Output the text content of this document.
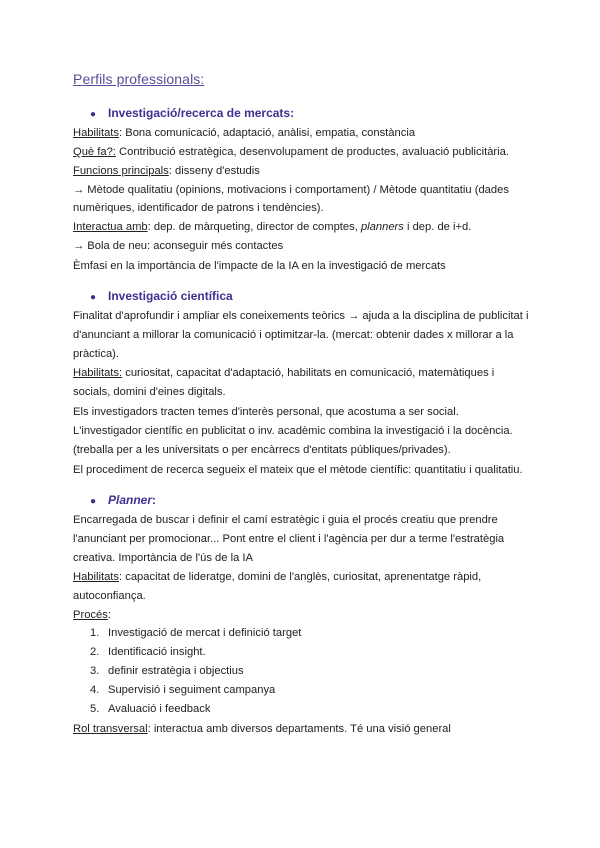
Perfils professionals:
● Investigació/recerca de mercats:
Habilitats: Bona comunicació, adaptació, anàlisi, empatia, constància
Què fa?: Contribució estratègica, desenvolupament de productes, avaluació publicitària.
Funcions principals: disseny d'estudis
→ Mètode qualitatiu (opinions, motivacions i comportament) / Mètode quantitatiu (dades
numèriques, identificador de patrons i tendències).
Interactua amb: dep. de màrqueting, director de comptes, planners i dep. de i+d.
→ Bola de neu: aconseguir més contactes
Èmfasi en la importància de l'impacte de la IA en la investigació de mercats
● Investigació científica
Finalitat d'aprofundir i ampliar els coneixements teòrics → ajuda a la disciplina de publicitat i
d'anunciant a millorar la comunicació i optimitzar-la. (mercat: obtenir dades x millorar a la
pràctica).
Habilitats: curiositat, capacitat d'adaptació, habilitats en comunicació, matemàtiques i
socials, domini d'eines digitals.
Els investigadors tracten temes d'interès personal, que acostuma a ser social.
L'investigador científic en publicitat o inv. acadèmic combina la investigació i la docència.
(treballa per a les universitats o per encàrrecs d'entitats públiques/privades).
El procediment de recerca segueix el mateix que el mètode científic: quantitatiu i qualitatiu.
● Planner:
Encarregada de buscar i definir el camí estratègic i guia el procés creatiu que prendre
l'anunciant per promocionar... Pont entre el client i l'agència per dur a terme l'estratègia
creativa. Importància de l'ús de la IA
Habilitats: capacitat de lideratge, domini de l'anglès, curiositat, aprenentatge ràpid,
autoconfiança.
Procés:
1. Investigació de mercat i definició target
2. Identificació insight.
3. definir estratègia i objectius
4. Supervisió i seguiment campanya
5. Avaluació i feedback
Rol transversal: interactua amb diversos departaments. Té una visió general
